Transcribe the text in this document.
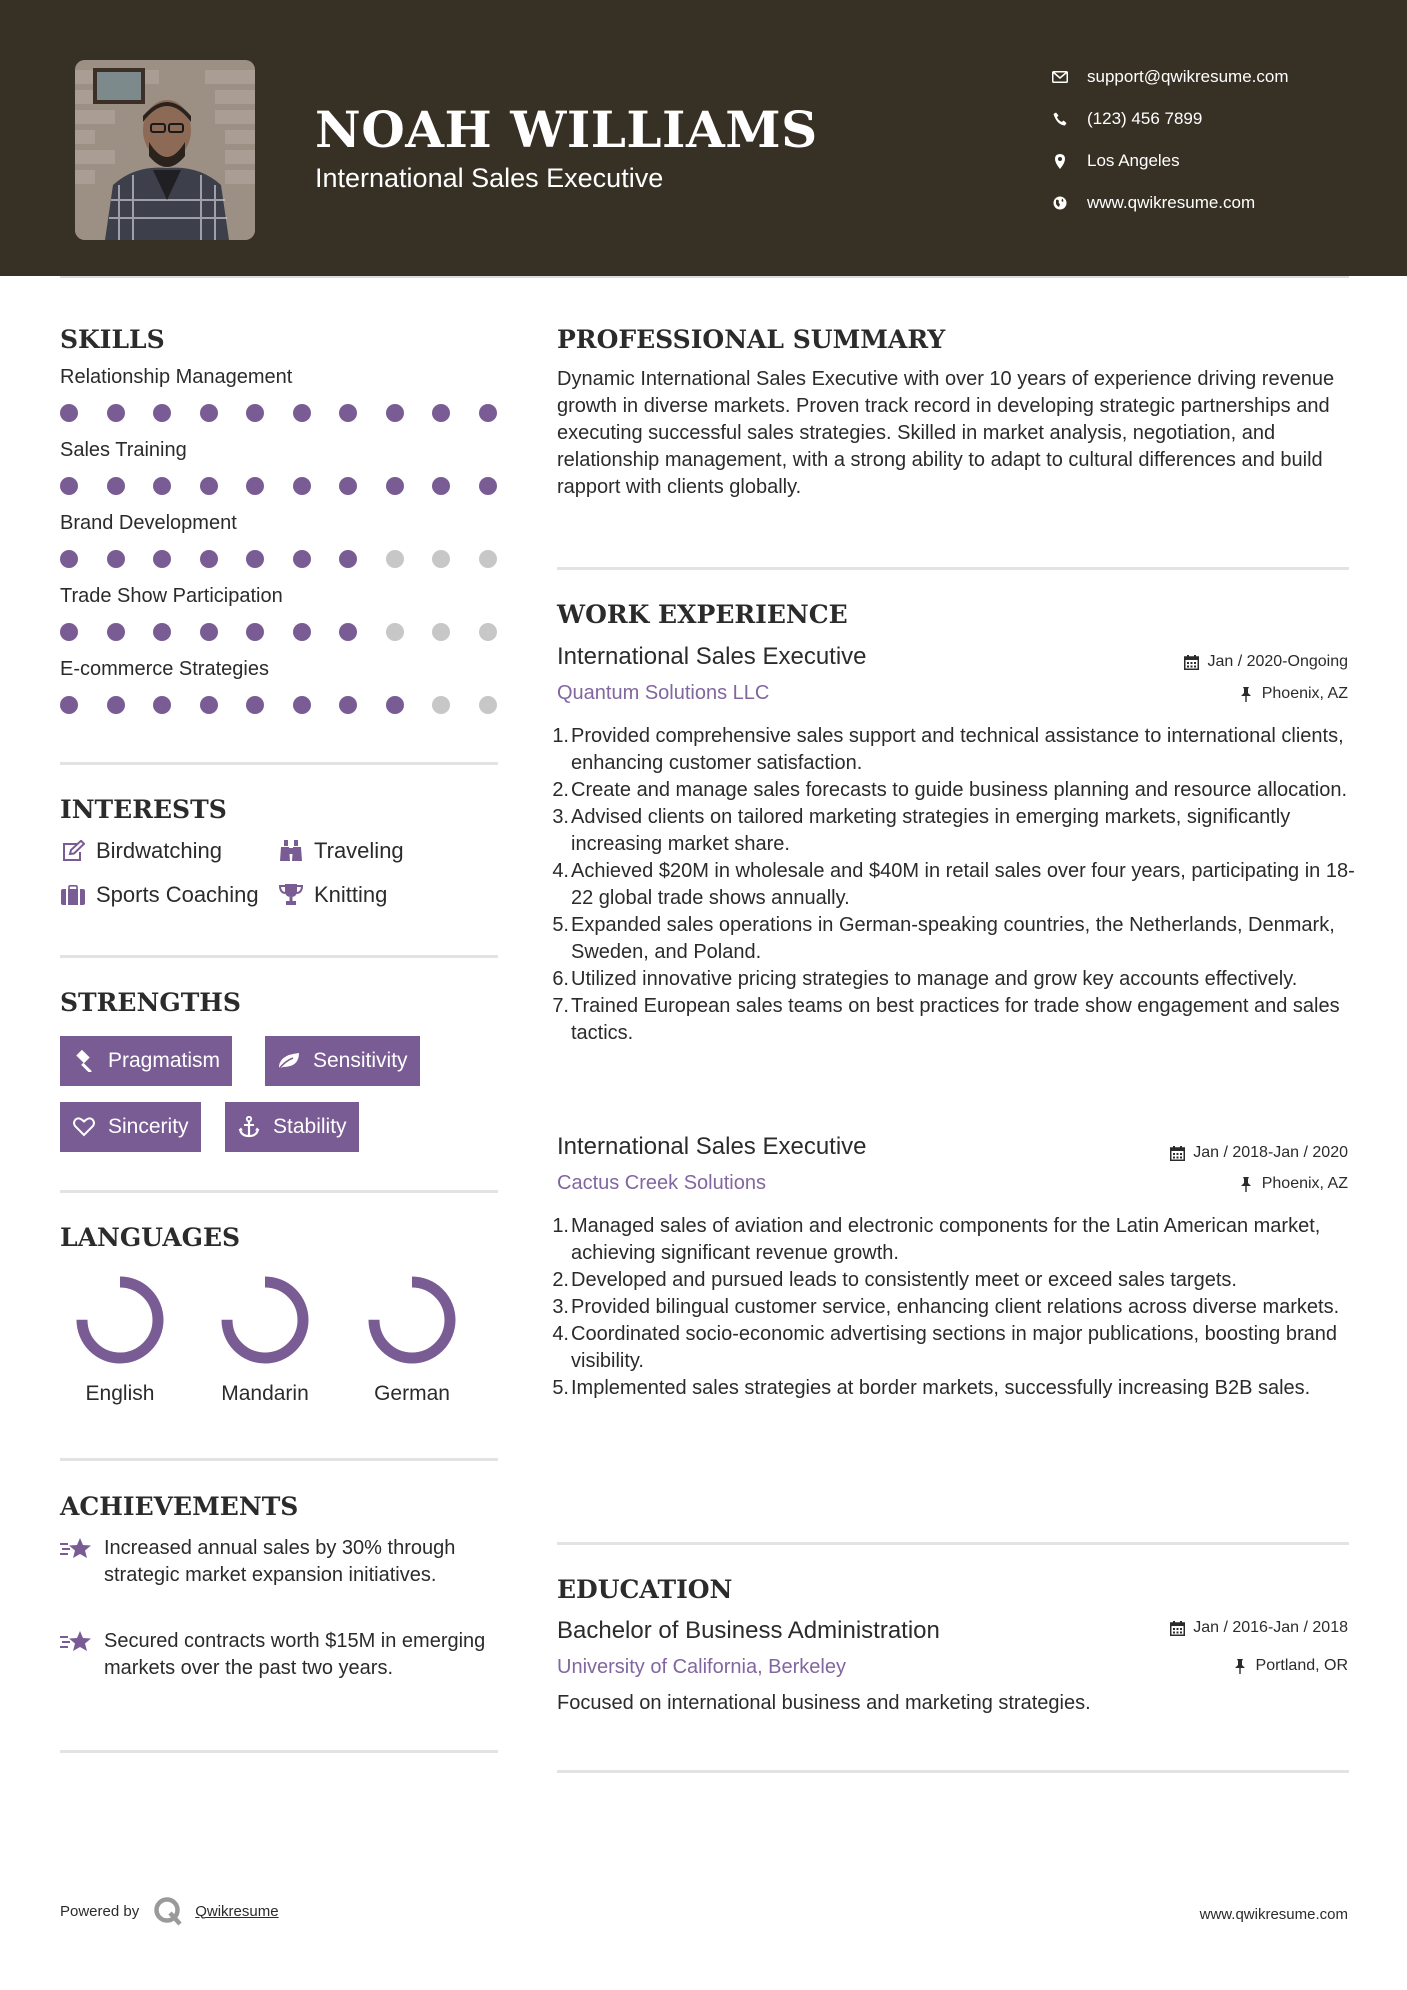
NOAH WILLIAMS
International Sales Executive
support@qwikresume.com
(123) 456 7899
Los Angeles
www.qwikresume.com
SKILLS
Relationship Management
Sales Training
Brand Development
Trade Show Participation
E-commerce Strategies
INTERESTS
Birdwatching	Traveling
Sports Coaching	Knitting
STRENGTHS
Pragmatism	Sensitivity
Sincerity	Stability
LANGUAGES
English	Mandarin	German
ACHIEVEMENTS
Increased annual sales by 30% through strategic market expansion initiatives.
Secured contracts worth $15M in emerging markets over the past two years.
PROFESSIONAL SUMMARY
Dynamic International Sales Executive with over 10 years of experience driving revenue growth in diverse markets. Proven track record in developing strategic partnerships and executing successful sales strategies. Skilled in market analysis, negotiation, and relationship management, with a strong ability to adapt to cultural differences and build rapport with clients globally.
WORK EXPERIENCE
International Sales Executive	Jan / 2020-Ongoing
Quantum Solutions LLC	Phoenix, AZ
1. Provided comprehensive sales support and technical assistance to international clients, enhancing customer satisfaction.
2. Create and manage sales forecasts to guide business planning and resource allocation.
3. Advised clients on tailored marketing strategies in emerging markets, significantly increasing market share.
4. Achieved $20M in wholesale and $40M in retail sales over four years, participating in 18-22 global trade shows annually.
5. Expanded sales operations in German-speaking countries, the Netherlands, Denmark, Sweden, and Poland.
6. Utilized innovative pricing strategies to manage and grow key accounts effectively.
7. Trained European sales teams on best practices for trade show engagement and sales tactics.
International Sales Executive	Jan / 2018-Jan / 2020
Cactus Creek Solutions	Phoenix, AZ
1. Managed sales of aviation and electronic components for the Latin American market, achieving significant revenue growth.
2. Developed and pursued leads to consistently meet or exceed sales targets.
3. Provided bilingual customer service, enhancing client relations across diverse markets.
4. Coordinated socio-economic advertising sections in major publications, boosting brand visibility.
5. Implemented sales strategies at border markets, successfully increasing B2B sales.
EDUCATION
Bachelor of Business Administration	Jan / 2016-Jan / 2018
University of California, Berkeley	Portland, OR
Focused on international business and marketing strategies.
Powered by	Qwikresume	www.qwikresume.com
